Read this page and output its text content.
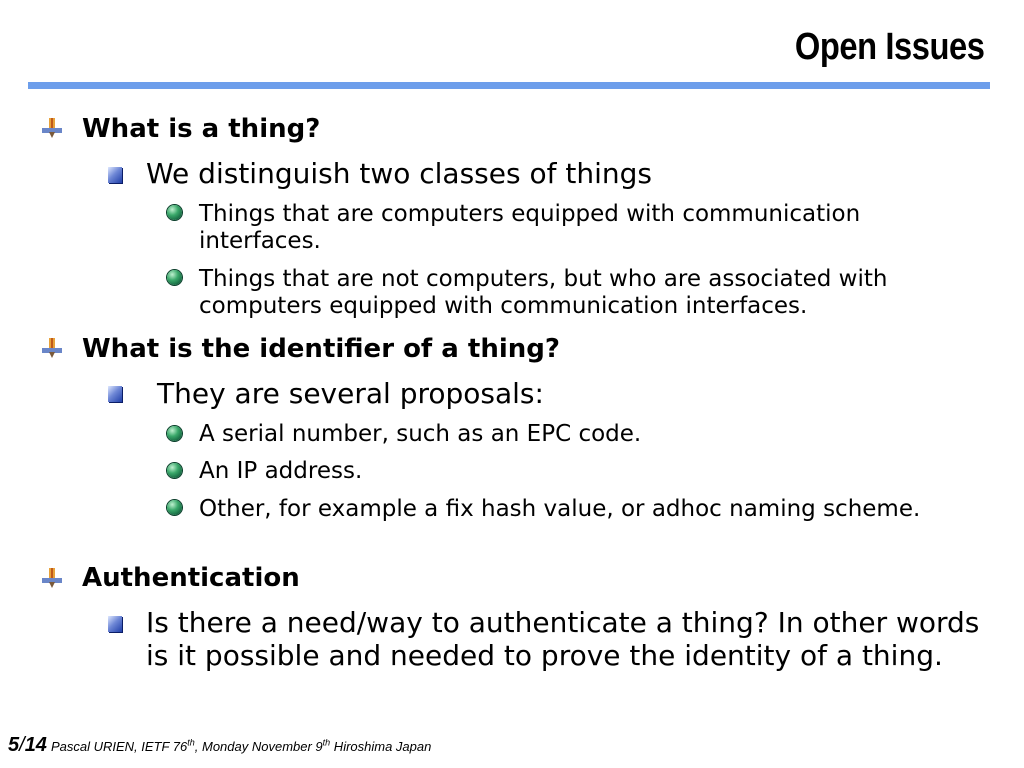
Open Issues
What is a thing?
We distinguish two classes of things
Things that are computers equipped with communication interfaces.
Things that are not computers, but who are associated with computers equipped with communication interfaces.
What is the identifier of a thing?
They are several proposals:
A serial number, such as an EPC code.
An IP address.
Other, for example a fix hash value, or adhoc naming scheme.
Authentication
Is there a need/way to authenticate a thing? In other words is it possible and needed to prove the identity of a thing.
5/14 Pascal URIEN, IETF 76th, Monday November 9th Hiroshima Japan
